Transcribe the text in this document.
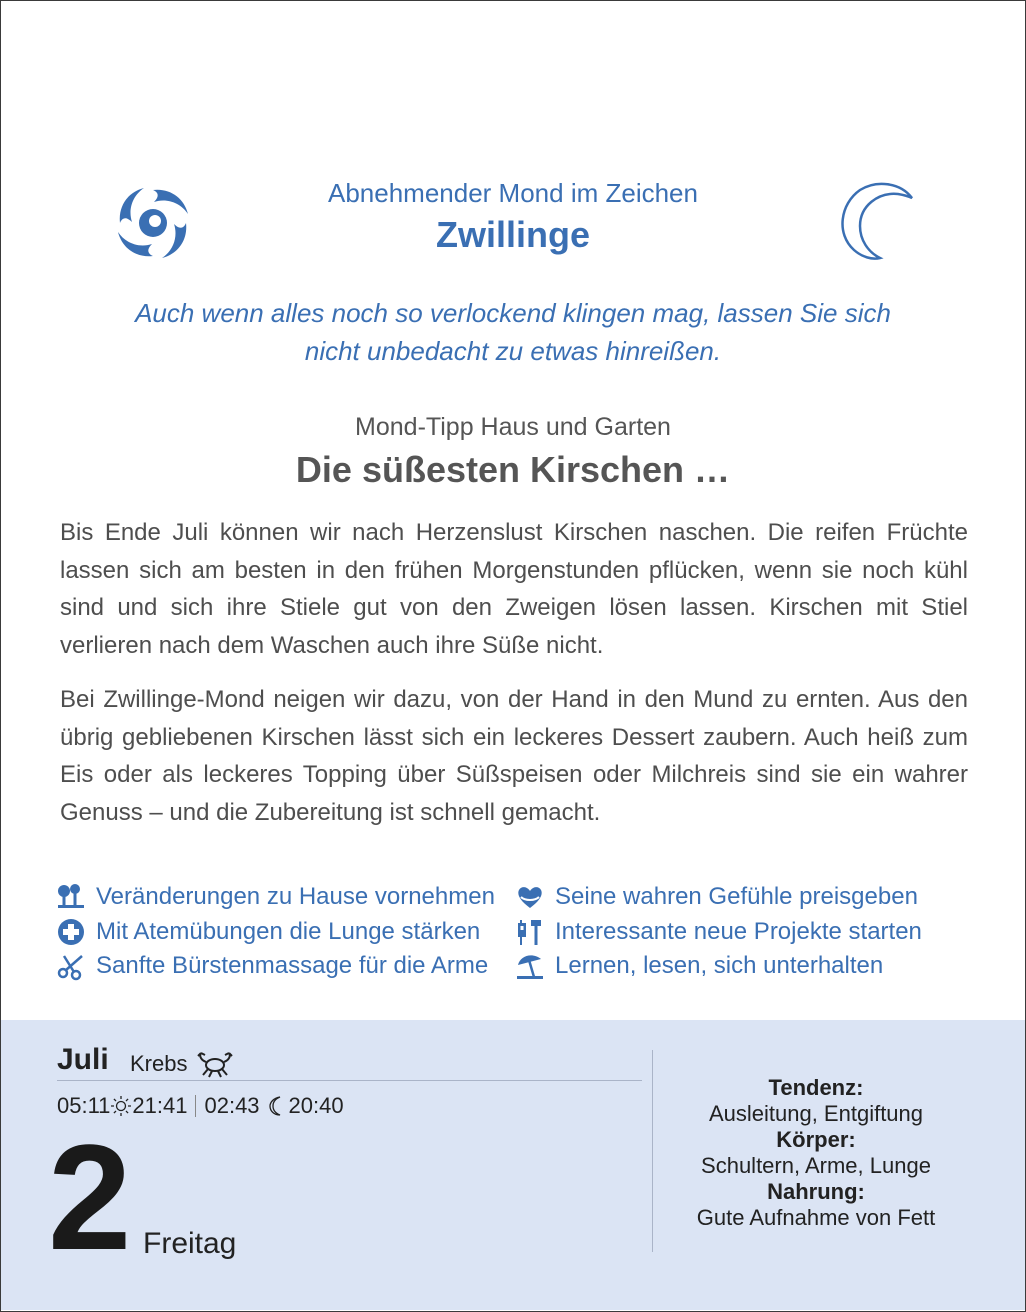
Abnehmender Mond im Zeichen
Zwillinge
Auch wenn alles noch so verlockend klingen mag, lassen Sie sich
nicht unbedacht zu etwas hinreißen.
Mond-Tipp Haus und Garten
Die süßesten Kirschen …
Bis Ende Juli können wir nach Herzenslust Kirschen naschen. Die reifen Früchte lassen sich am besten in den frühen Morgenstunden pflücken, wenn sie noch kühl sind und sich ihre Stiele gut von den Zweigen lösen lassen. Kirschen mit Stiel verlieren nach dem Waschen auch ihre Süße nicht.
Bei Zwillinge-Mond neigen wir dazu, von der Hand in den Mund zu ernten. Aus den übrig gebliebenen Kirschen lässt sich ein leckeres Dessert zaubern. Auch heiß zum Eis oder als leckeres Topping über Süßspeisen oder Milchreis sind sie ein wahrer Genuss – und die Zubereitung ist schnell gemacht.
Veränderungen zu Hause vornehmen
Mit Atemübungen die Lunge stärken
Sanfte Bürstenmassage für die Arme
Seine wahren Gefühle preisgeben
Interessante neue Projekte starten
Lernen, lesen, sich unterhalten
Juli Krebs
05:11 21:41 02:43 20:40
2 Freitag
Tendenz:
Ausleitung, Entgiftung
Körper:
Schultern, Arme, Lunge
Nahrung:
Gute Aufnahme von Fett
